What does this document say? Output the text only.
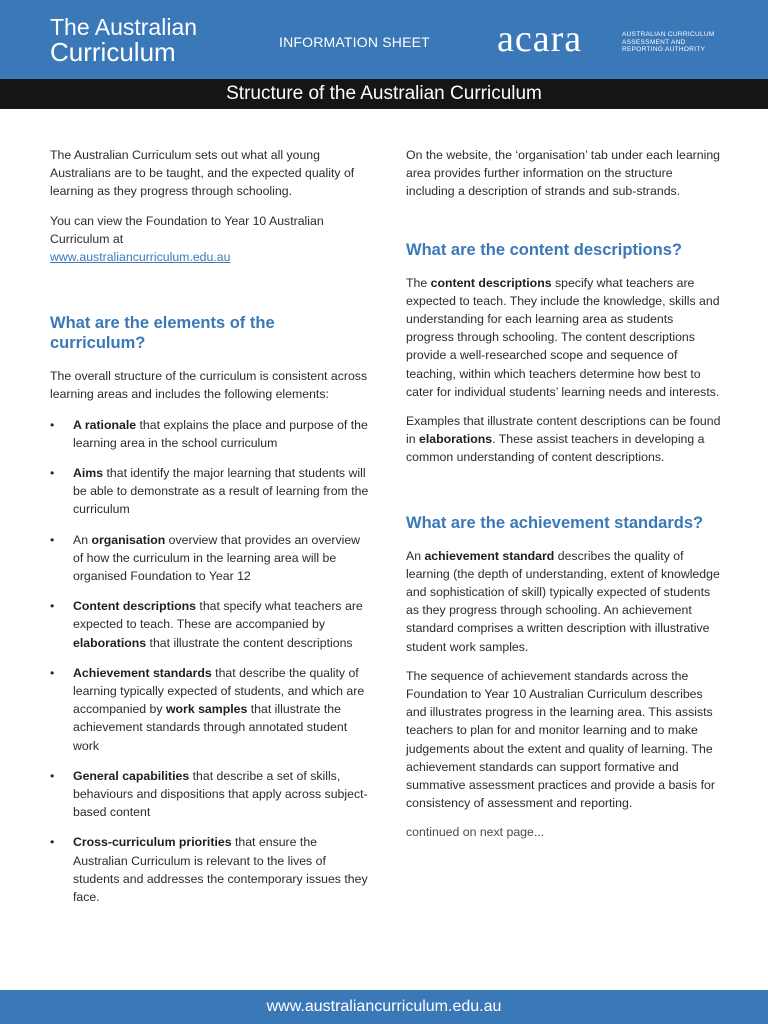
The Australian
Curriculum	INFORMATION SHEET acara	AUSTRALIAN CURRICULUM
ASSESSMENT AND
REPORTING AUTHORITY
Structure of the Australian Curriculum

The Australian Curriculum sets out what all young Australians are to be taught, and the expected quality of learning as they progress through schooling.

You can view the Foundation to Year 10 Australian Curriculum at
www.australiancurriculum.edu.au

What are the elements of the curriculum?

The overall structure of the curriculum is consistent across learning areas and includes the following elements:

• A rationale that explains the place and purpose of the learning area in the school curriculum
• Aims that identify the major learning that students will be able to demonstrate as a result of learning from the curriculum
• An organisation overview that provides an overview of how the curriculum in the learning area will be organised Foundation to Year 12
• Content descriptions that specify what teachers are expected to teach. These are accompanied by elaborations that illustrate the content descriptions
• Achievement standards that describe the quality of learning typically expected of students, and which are accompanied by work samples that illustrate the achievement standards through annotated student work
• General capabilities that describe a set of skills, behaviours and dispositions that apply across subject-based content
• Cross-curriculum priorities that ensure the Australian Curriculum is relevant to the lives of students and addresses the contemporary issues they face.

On the website, the ‘organisation’ tab under each learning area provides further information on the structure including a description of strands and sub-strands.

What are the content descriptions?

The content descriptions specify what teachers are expected to teach. They include the knowledge, skills and understanding for each learning area as students progress through schooling. The content descriptions provide a well-researched scope and sequence of teaching, within which teachers determine how best to cater for individual students’ learning needs and interests.

Examples that illustrate content descriptions can be found in elaborations. These assist teachers in developing a common understanding of content descriptions.

What are the achievement standards?

An achievement standard describes the quality of learning (the depth of understanding, extent of knowledge and sophistication of skill) typically expected of students as they progress through schooling. An achievement standard comprises a written description with illustrative student work samples.

The sequence of achievement standards across the Foundation to Year 10 Australian Curriculum describes and illustrates progress in the learning area. This assists teachers to plan for and monitor learning and to make judgements about the extent and quality of learning. The achievement standards can support formative and summative assessment practices and provide a basis for consistency of assessment and reporting.

continued on next page...

www.australiancurriculum.edu.au
